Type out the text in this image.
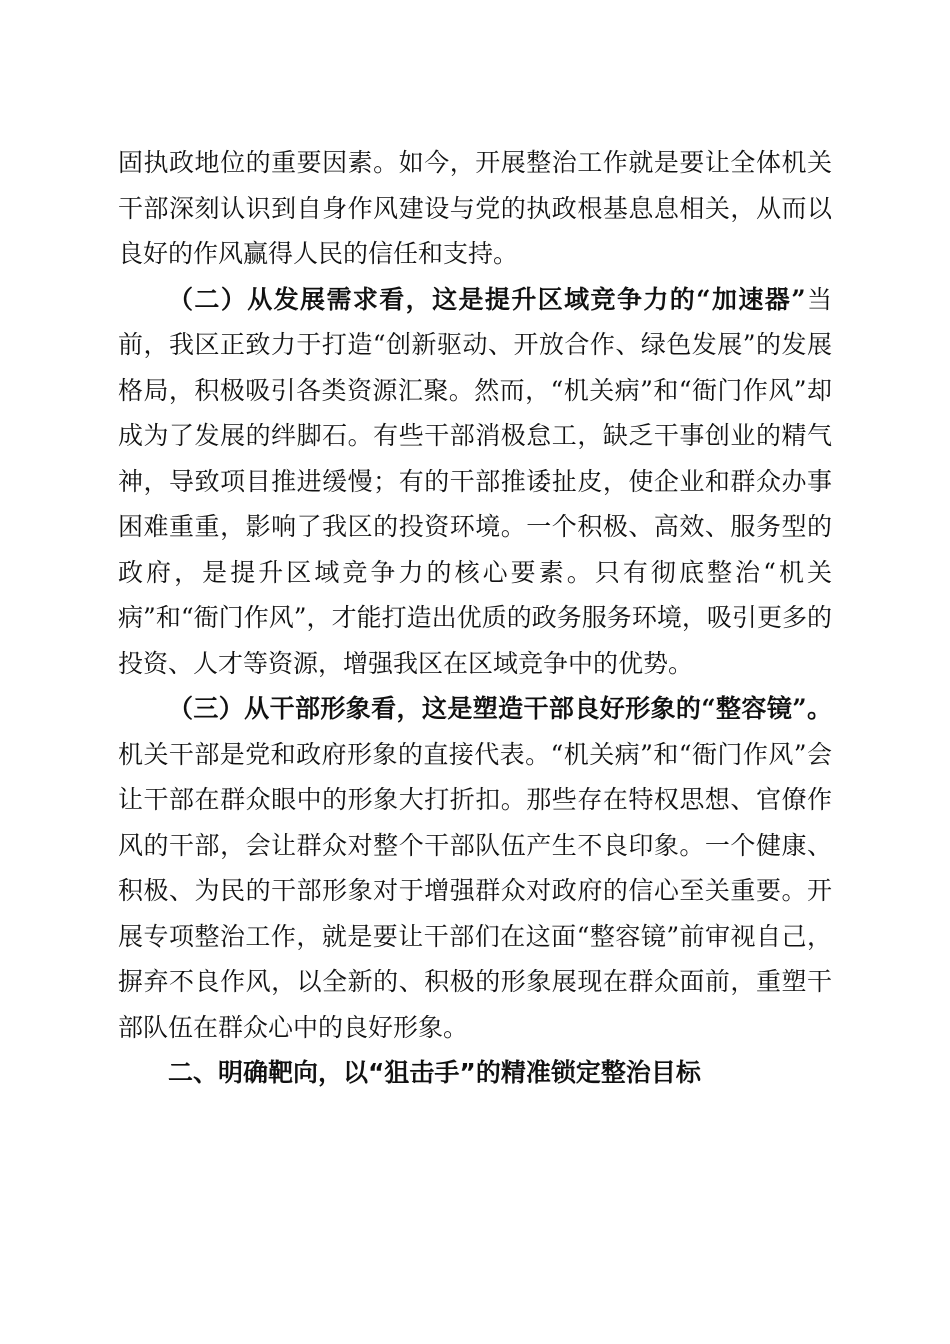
固执政地位的重要因素。如今，开展整治工作就是要让全体机关干部深刻认识到自身作风建设与党的执政根基息息相关，从而以良好的作风赢得人民的信任和支持。

（二）从发展需求看，这是提升区域竞争力的“加速器”当前，我区正致力于打造“创新驱动、开放合作、绿色发展”的发展格局，积极吸引各类资源汇聚。然而，“机关病”和“衙门作风”却成为了发展的绊脚石。有些干部消极怠工，缺乏干事创业的精气神，导致项目推进缓慢；有的干部推诿扯皮，使企业和群众办事困难重重，影响了我区的投资环境。一个积极、高效、服务型的政府，是提升区域竞争力的核心要素。只有彻底整治“机关病”和“衙门作风”，才能打造出优质的政务服务环境，吸引更多的投资、人才等资源，增强我区在区域竞争中的优势。

（三）从干部形象看，这是塑造干部良好形象的“整容镜”。机关干部是党和政府形象的直接代表。“机关病”和“衙门作风”会让干部在群众眼中的形象大打折扣。那些存在特权思想、官僚作风的干部，会让群众对整个干部队伍产生不良印象。一个健康、积极、为民的干部形象对于增强群众对政府的信心至关重要。开展专项整治工作，就是要让干部们在这面“整容镜”前审视自己，摒弃不良作风，以全新的、积极的形象展现在群众面前，重塑干部队伍在群众心中的良好形象。

二、明确靶向，以“狙击手”的精准锁定整治目标
